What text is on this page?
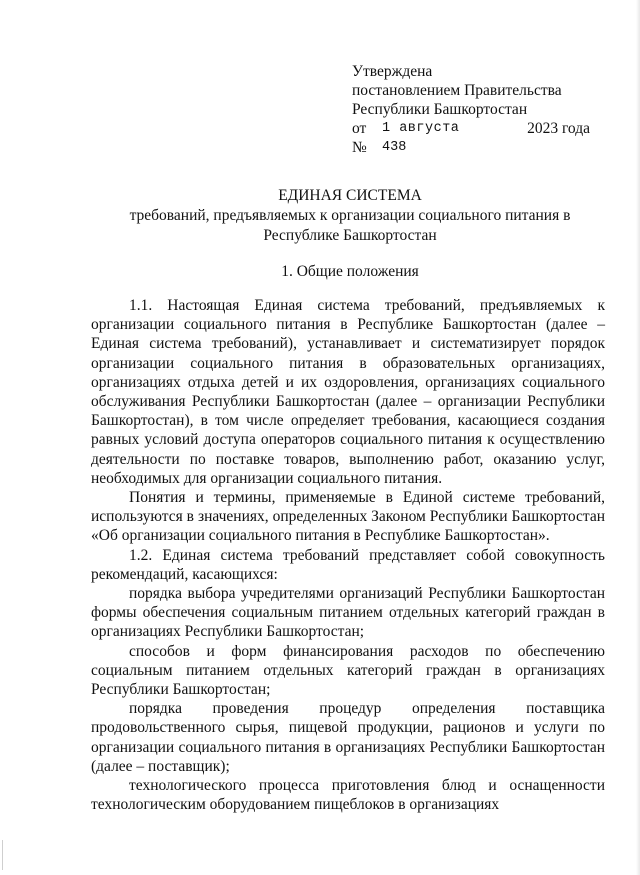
Утверждена
постановлением Правительства
Республики Башкортостан
от 1 августа	2023 года
№ 438
ЕДИНАЯ СИСТЕМА
требований, предъявляемых к организации социального питания в Республике Башкортостан
1. Общие положения

1.1. Настоящая Единая система требований, предъявляемых к организации социального питания в Республике Башкортостан (далее – Единая система требований), устанавливает и систематизирует порядок организации социального питания в образовательных организациях, организациях отдыха детей и их оздоровления, организациях социального обслуживания Республики Башкортостан (далее – организации Республики Башкортостан), в том числе определяет требования, касающиеся создания равных условий доступа операторов социального питания к осуществлению деятельности по поставке товаров, выполнению работ, оказанию услуг, необходимых для организации социального питания.

Понятия и термины, применяемые в Единой системе требований, используются в значениях, определенных Законом Республики Башкортостан «Об организации социального питания в Республике Башкортостан».

1.2. Единая система требований представляет собой совокупность рекомендаций, касающихся:

порядка выбора учредителями организаций Республики Башкортостан формы обеспечения социальным питанием отдельных категорий граждан в организациях Республики Башкортостан;

способов и форм финансирования расходов по обеспечению социальным питанием отдельных категорий граждан в организациях Республики Башкортостан;

порядка проведения процедур определения поставщика продовольственного сырья, пищевой продукции, рационов и услуги по организации социального питания в организациях Республики Башкортостан (далее – поставщик);

технологического процесса приготовления блюд и оснащенности технологическим оборудованием пищеблоков в организациях
